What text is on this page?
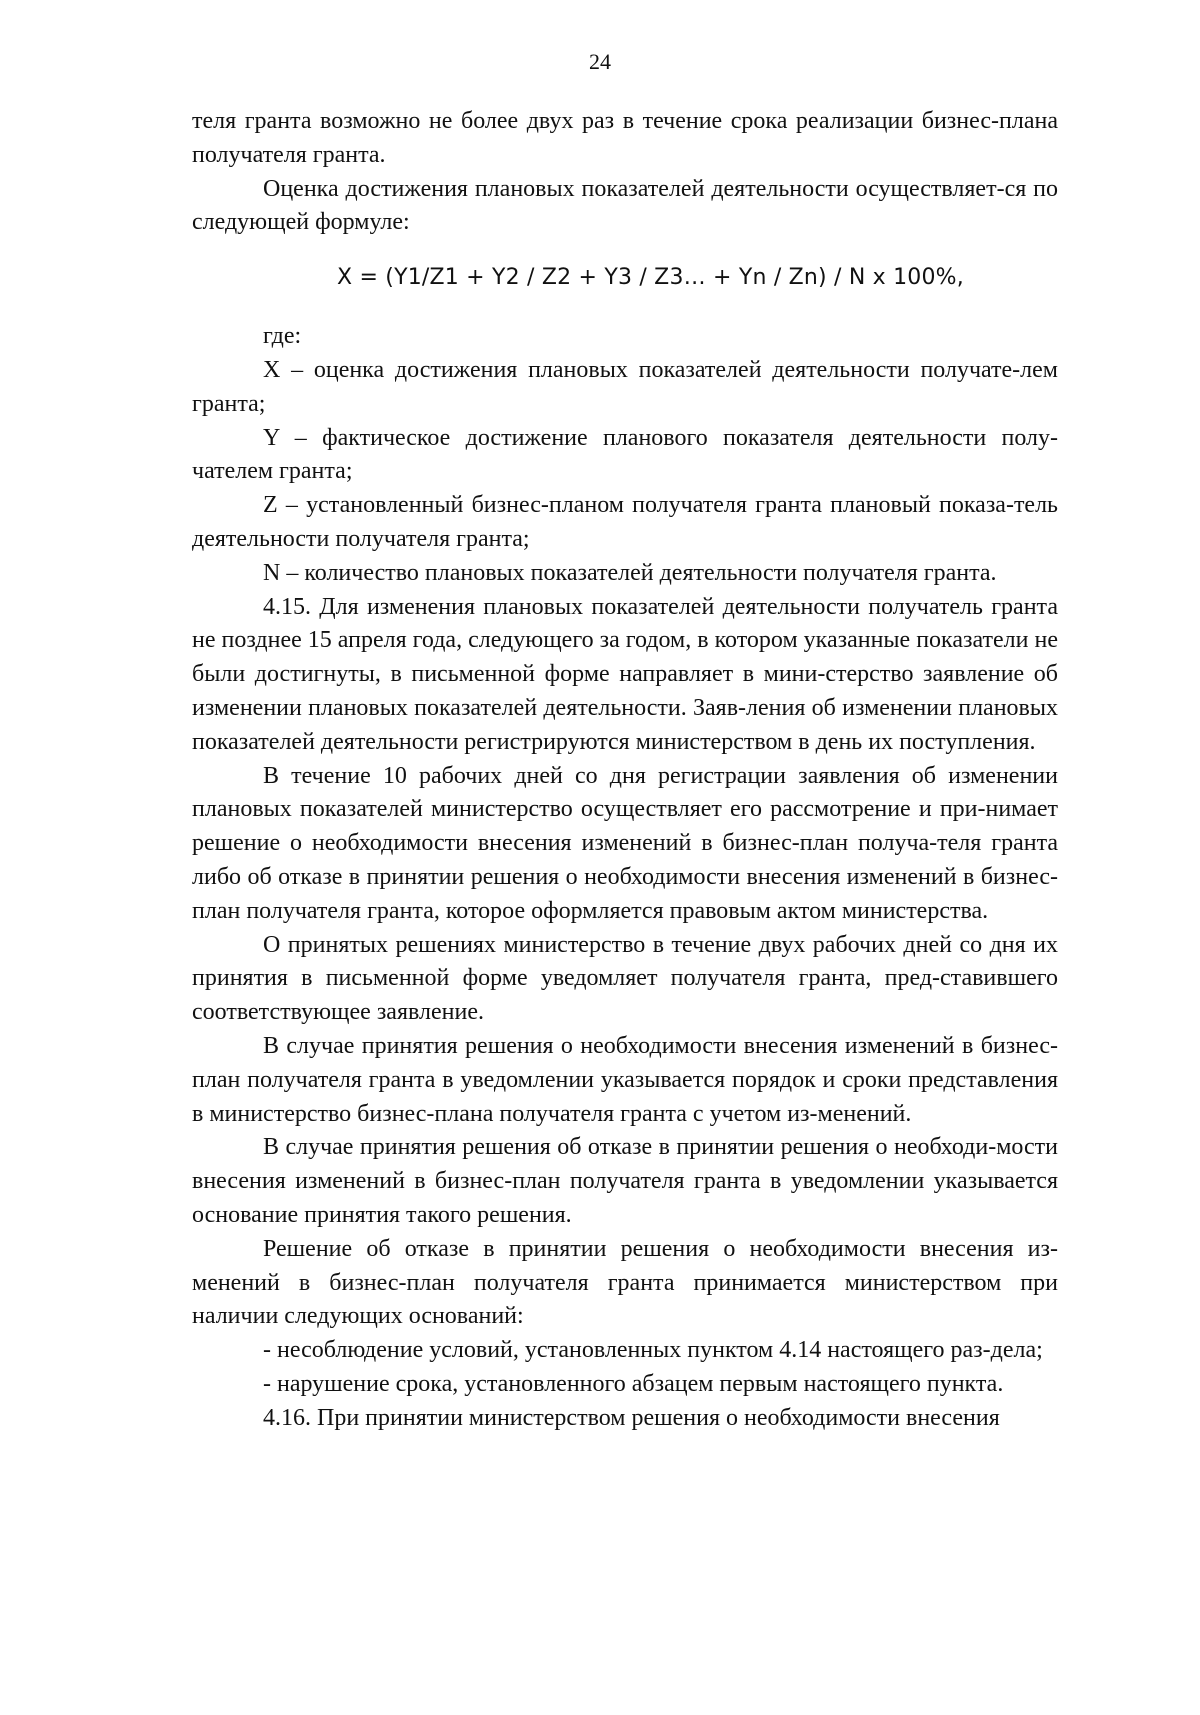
24

теля гранта возможно не более двух раз в течение срока реализации бизнес-плана получателя гранта.

Оценка достижения плановых показателей деятельности осуществляет-ся по следующей формуле:

X = (Y1/Z1 + Y2 / Z2 + Y3 / Z3… + Yn / Zn) / N x 100%,

где:

X – оценка достижения плановых показателей деятельности получате-лем гранта;

Y – фактическое достижение планового показателя деятельности полу-чателем гранта;

Z – установленный бизнес-планом получателя гранта плановый показа-тель деятельности получателя гранта;

N – количество плановых показателей деятельности получателя гранта.

4.15. Для изменения плановых показателей деятельности получатель гранта не позднее 15 апреля года, следующего за годом, в котором указанные показатели не были достигнуты, в письменной форме направляет в мини-стерство заявление об изменении плановых показателей деятельности. Заяв-ления об изменении плановых показателей деятельности регистрируются министерством в день их поступления.

В течение 10 рабочих дней со дня регистрации заявления об изменении плановых показателей министерство осуществляет его рассмотрение и при-нимает решение о необходимости внесения изменений в бизнес-план получа-теля гранта либо об отказе в принятии решения о необходимости внесения изменений в бизнес-план получателя гранта, которое оформляется правовым актом министерства.

О принятых решениях министерство в течение двух рабочих дней со дня их принятия в письменной форме уведомляет получателя гранта, пред-ставившего соответствующее заявление.

В случае принятия решения о необходимости внесения изменений в бизнес-план получателя гранта в уведомлении указывается порядок и сроки представления в министерство бизнес-плана получателя гранта с учетом из-менений.

В случае принятия решения об отказе в принятии решения о необходи-мости внесения изменений в бизнес-план получателя гранта в уведомлении указывается основание принятия такого решения.

Решение об отказе в принятии решения о необходимости внесения из-менений в бизнес-план получателя гранта принимается министерством при наличии следующих оснований:

- несоблюдение условий, установленных пунктом 4.14 настоящего раз-дела;

- нарушение срока, установленного абзацем первым настоящего пункта.

4.16. При принятии министерством решения о необходимости внесения
